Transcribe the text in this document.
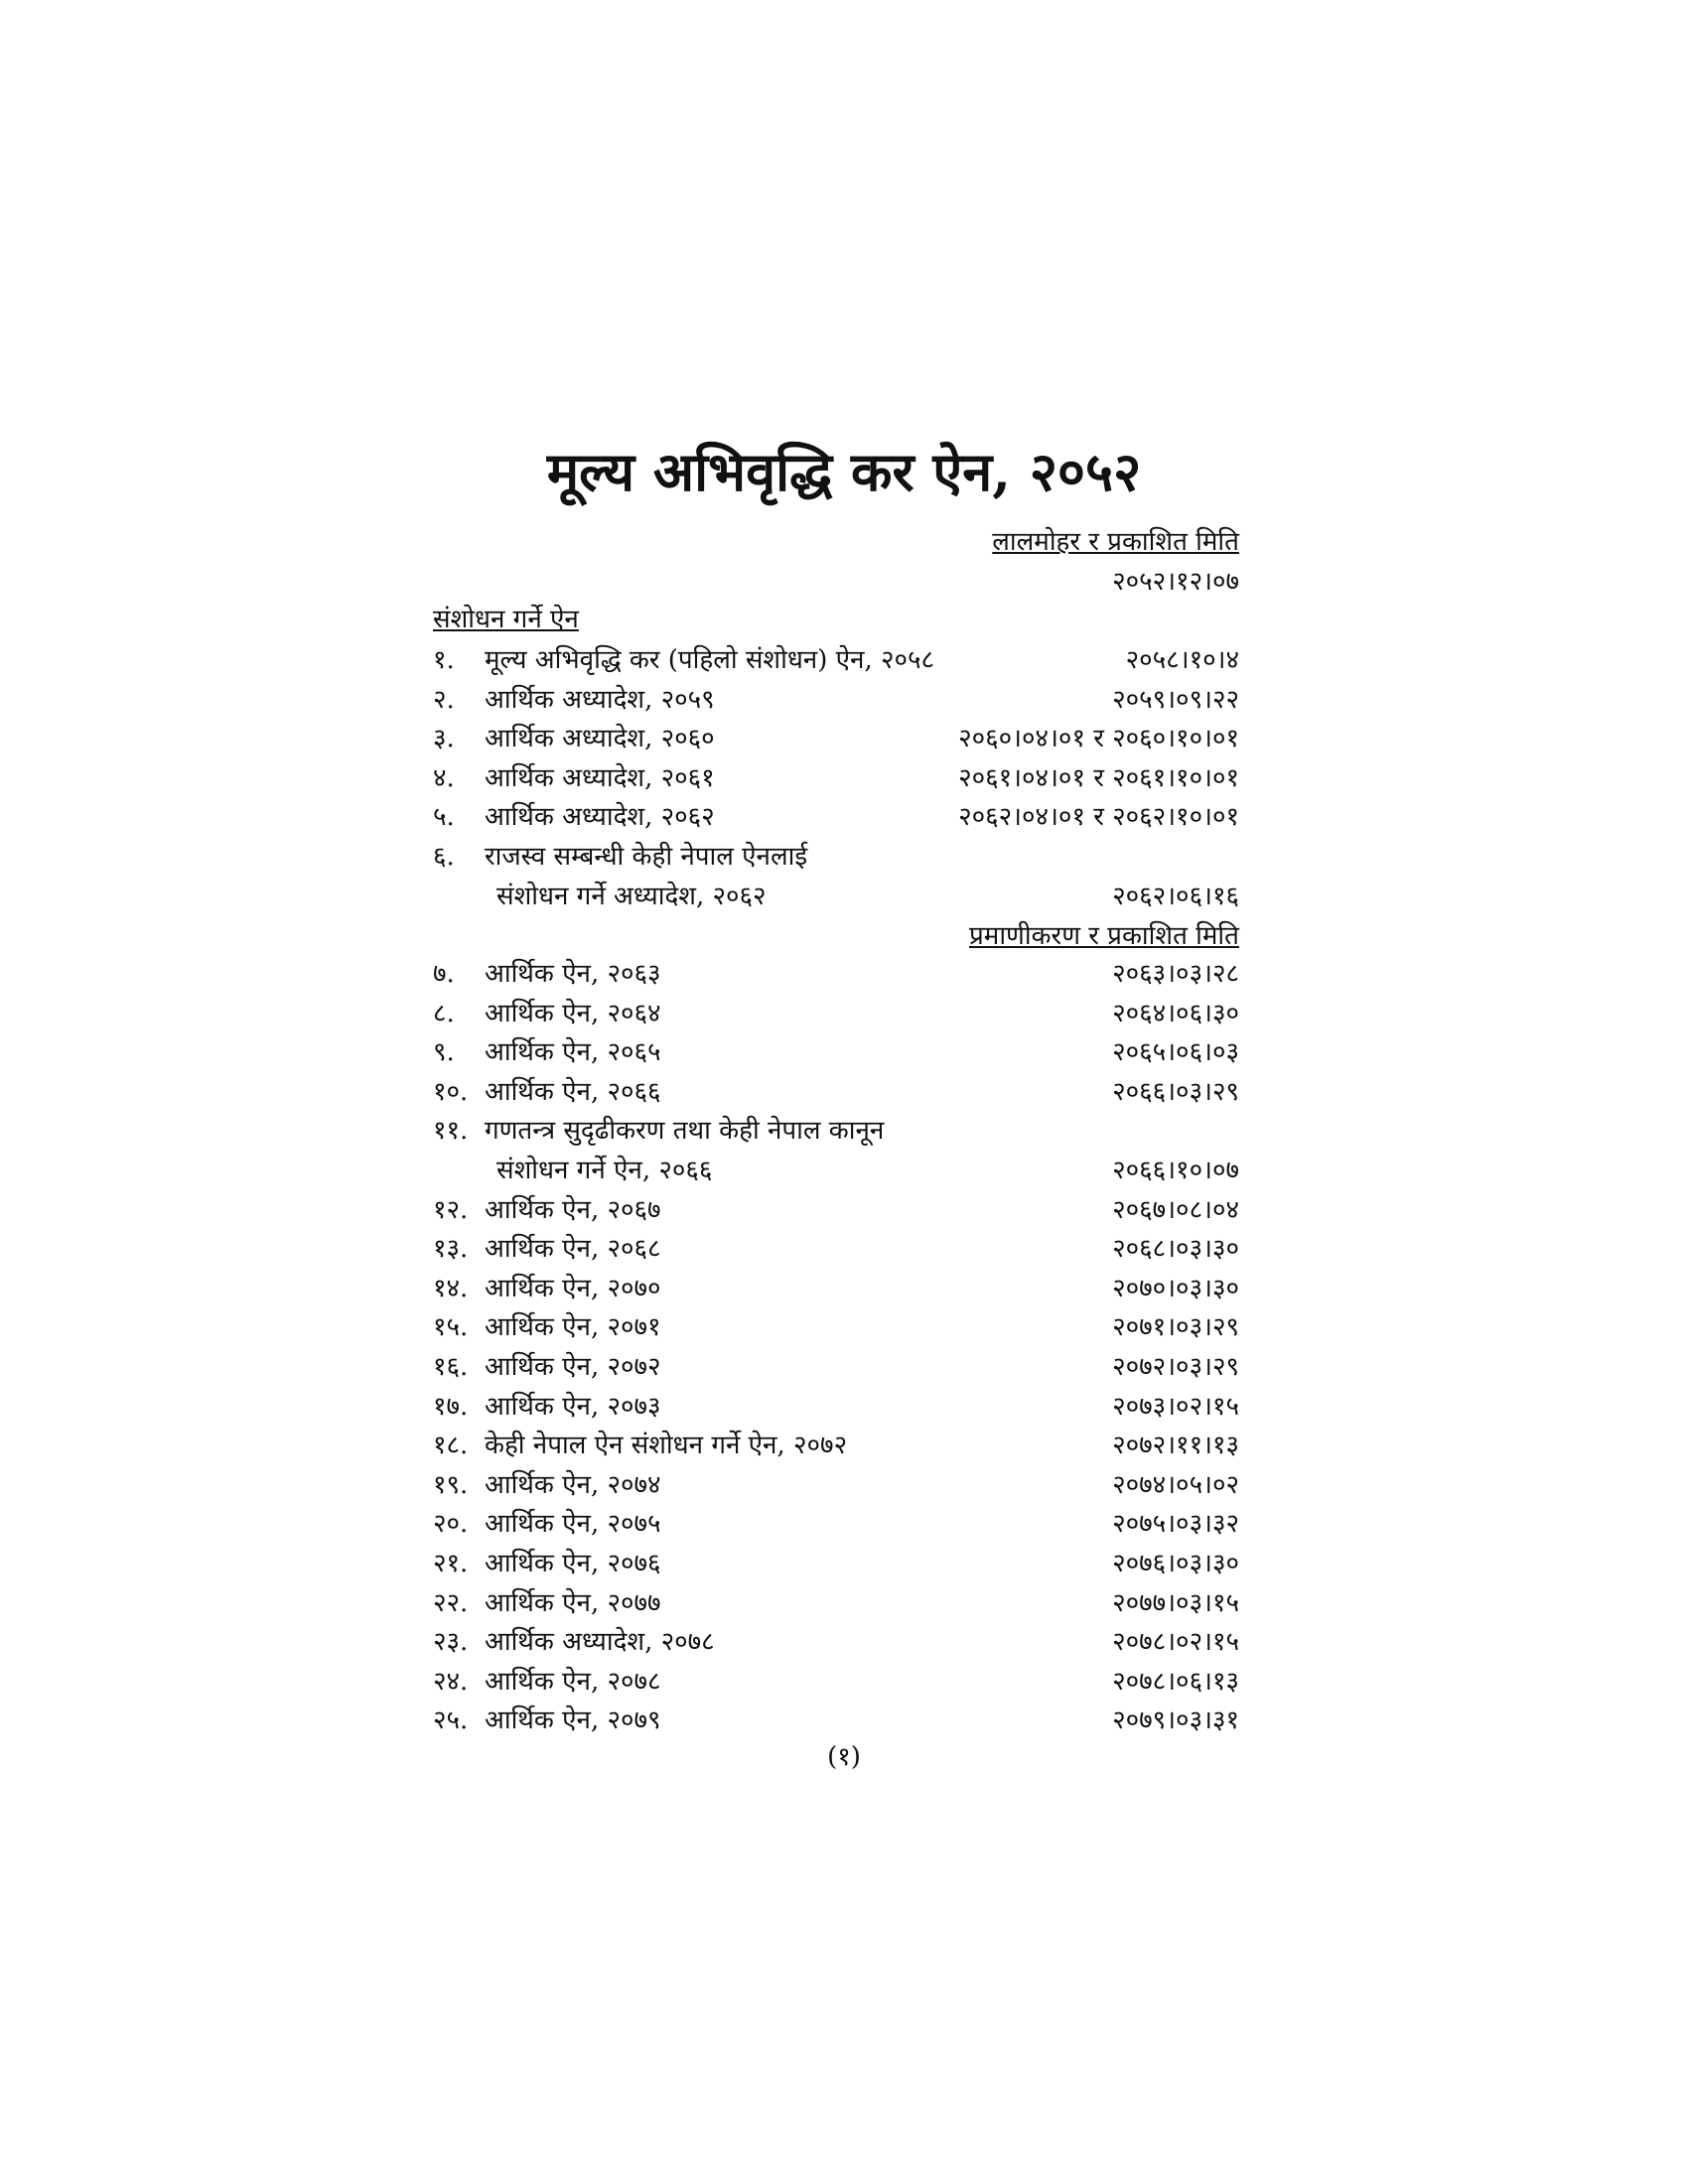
मूल्य अभिवृद्धि कर ऐन, २०५२
लालमोहर र प्रकाशित मिति
२०५२।१२।०७
संशोधन गर्ने ऐन
१. मूल्य अभिवृद्धि कर (पहिलो संशोधन) ऐन, २०५८	२०५८।१०।४
२. आर्थिक अध्यादेश, २०५९	२०५९।०९।२२
३. आर्थिक अध्यादेश, २०६०	२०६०।०४।०१ र २०६०।१०।०१
४. आर्थिक अध्यादेश, २०६१	२०६१।०४।०१ र २०६१।१०।०१
५. आर्थिक अध्यादेश, २०६२	२०६२।०४।०१ र २०६२।१०।०१
६. राजस्व सम्बन्धी केही नेपाल ऐनलाई
संशोधन गर्ने अध्यादेश, २०६२	२०६२।०६।१६
प्रमाणीकरण र प्रकाशित मिति
७. आर्थिक ऐन, २०६३	२०६३।०३।२८
८. आर्थिक ऐन, २०६४	२०६४।०६।३०
९. आर्थिक ऐन, २०६५	२०६५।०६।०३
१०. आर्थिक ऐन, २०६६	२०६६।०३।२९
११. गणतन्त्र सुदृढीकरण तथा केही नेपाल कानून
संशोधन गर्ने ऐन, २०६६	२०६६।१०।०७
१२. आर्थिक ऐन, २०६७	२०६७।०८।०४
१३. आर्थिक ऐन, २०६८	२०६८।०३।३०
१४. आर्थिक ऐन, २०७०	२०७०।०३।३०
१५. आर्थिक ऐन, २०७१	२०७१।०३।२९
१६. आर्थिक ऐन, २०७२	२०७२।०३।२९
१७. आर्थिक ऐन, २०७३	२०७३।०२।१५
१८. केही नेपाल ऐन संशोधन गर्ने ऐन, २०७२	२०७२।११।१३
१९. आर्थिक ऐन, २०७४	२०७४।०५।०२
२०. आर्थिक ऐन, २०७५	२०७५।०३।३२
२१. आर्थिक ऐन, २०७६	२०७६।०३।३०
२२. आर्थिक ऐन, २०७७	२०७७।०३।१५
२३. आर्थिक अध्यादेश, २०७८	२०७८।०२।१५
२४. आर्थिक ऐन, २०७८	२०७८।०६।१३
२५. आर्थिक ऐन, २०७९	२०७९।०३।३१
(१)
